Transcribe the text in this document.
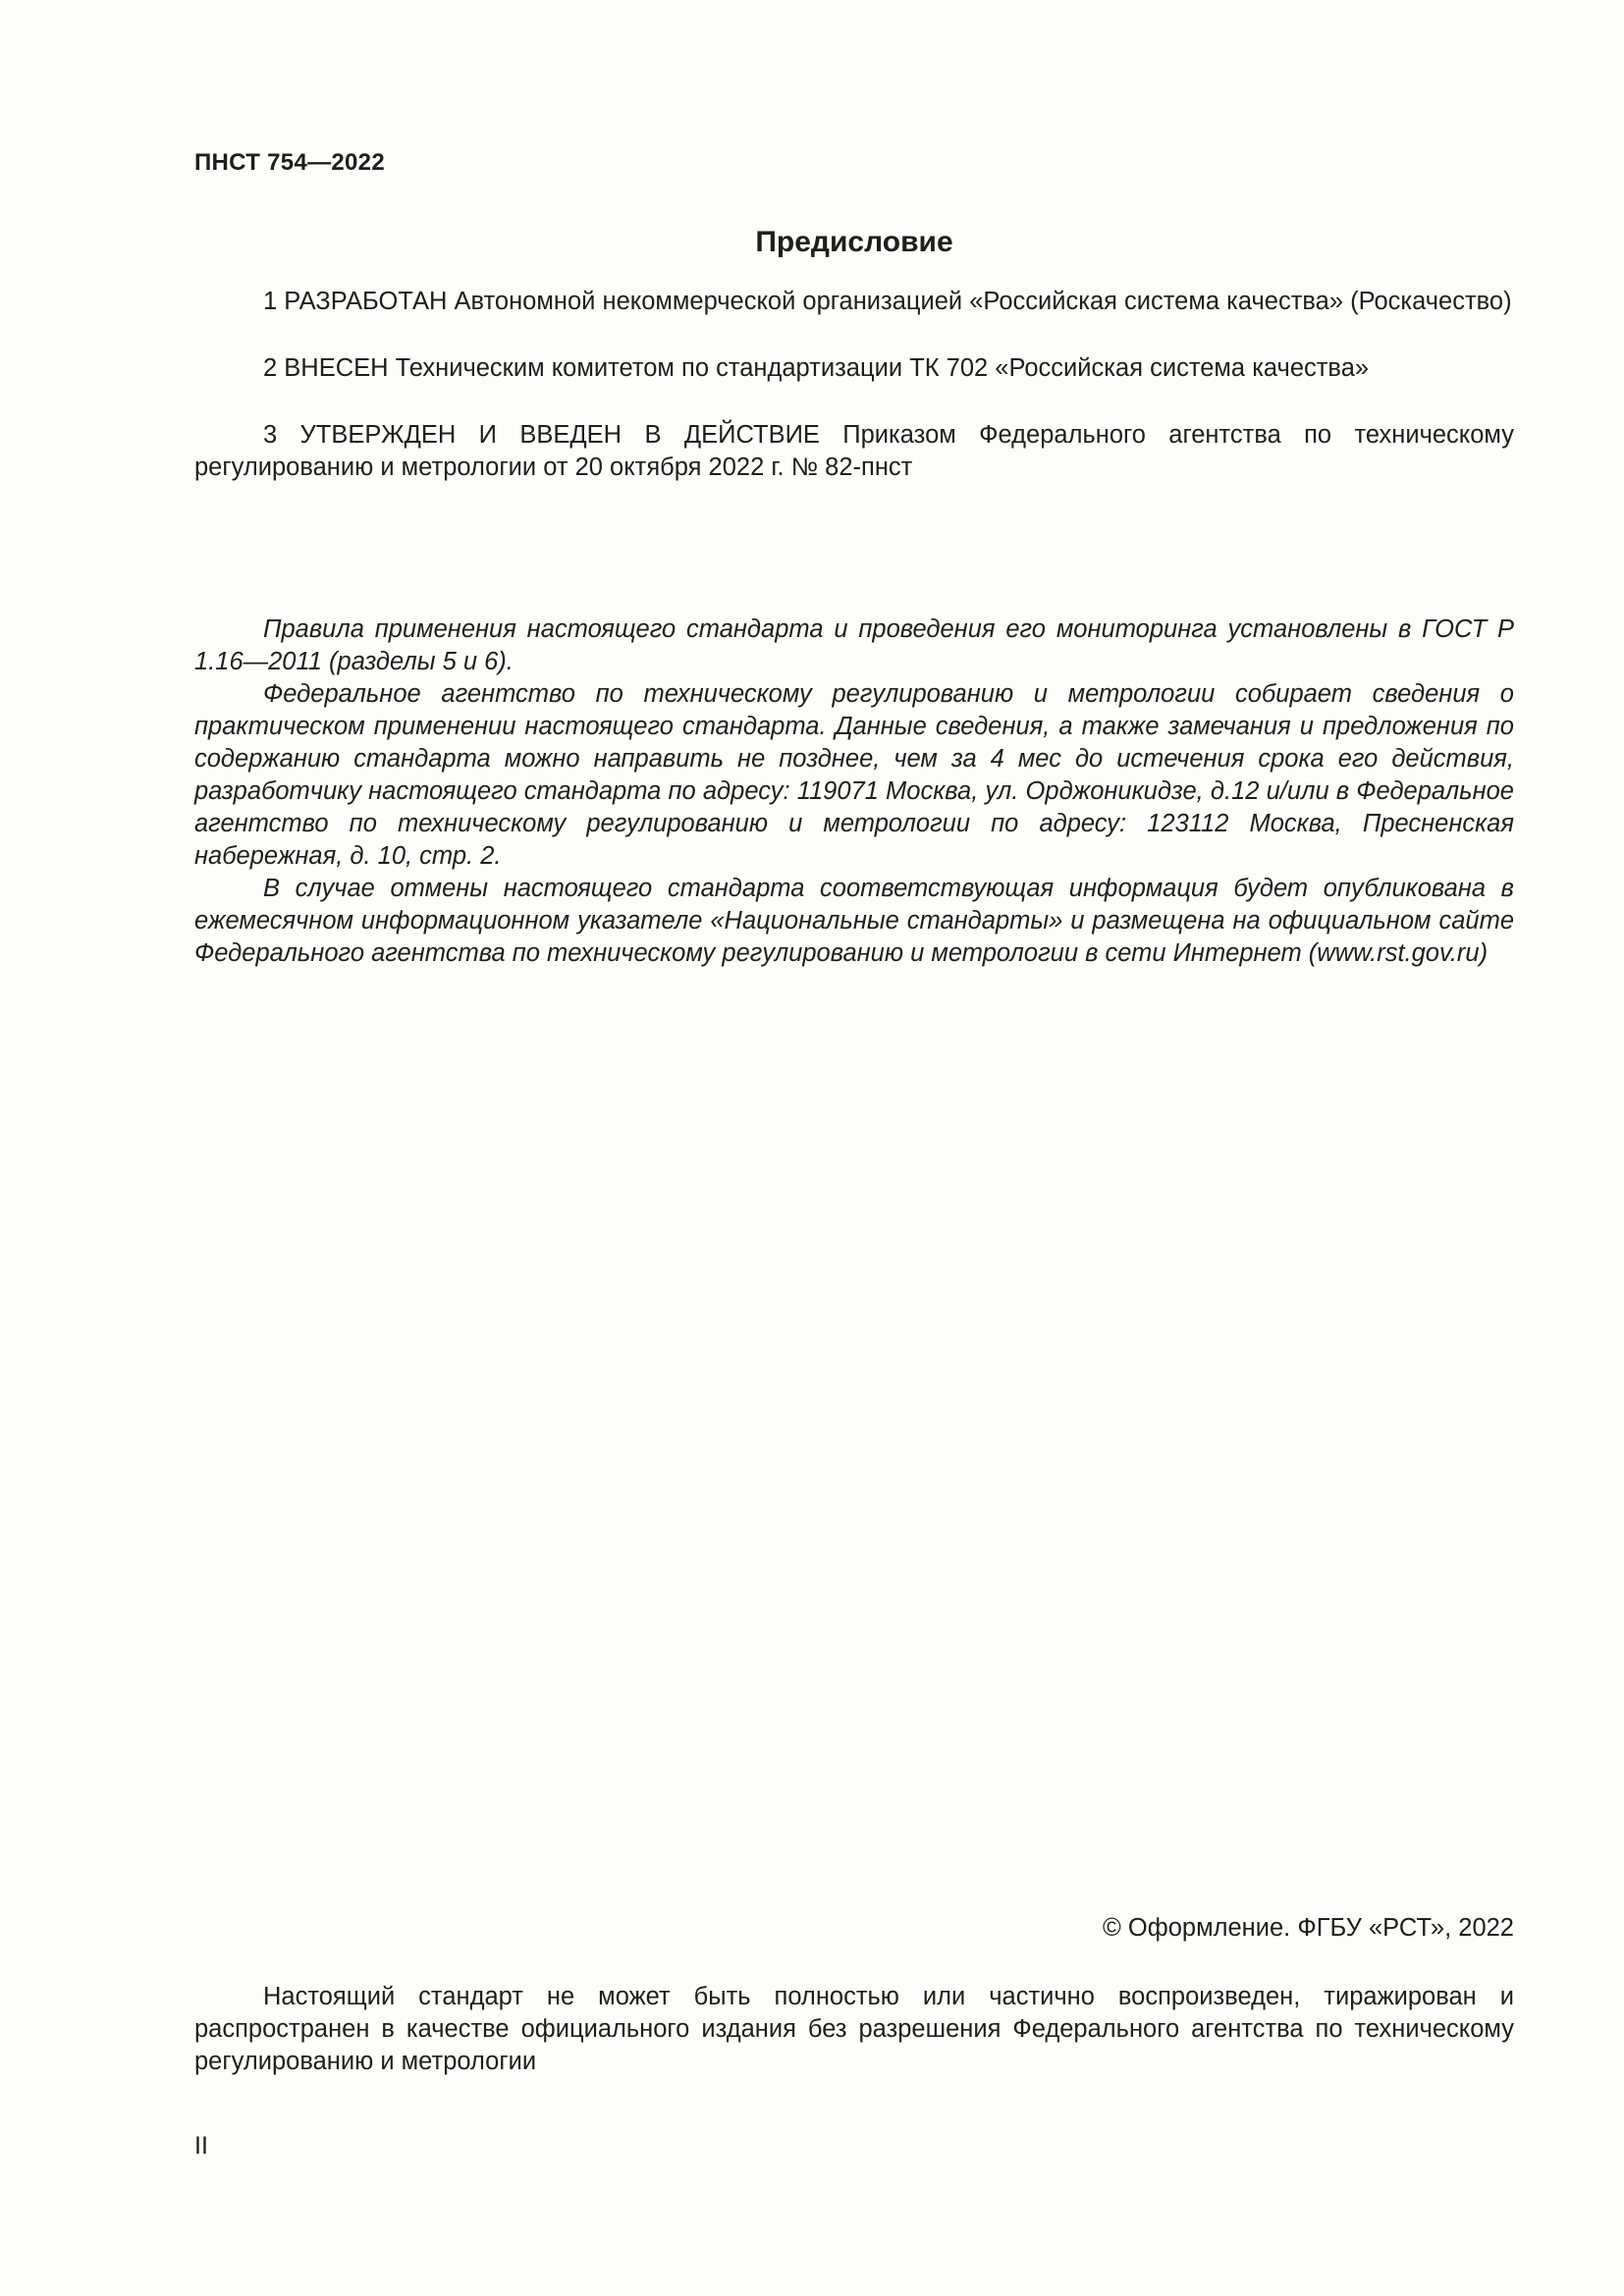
ПНСТ 754—2022
Предисловие

1 РАЗРАБОТАН Автономной некоммерческой организацией «Российская система качества» (Роскачество)

2 ВНЕСЕН Техническим комитетом по стандартизации ТК 702 «Российская система качества»

3 УТВЕРЖДЕН И ВВЕДЕН В ДЕЙСТВИЕ Приказом Федерального агентства по техническому регулированию и метрологии от 20 октября 2022 г. № 82-пнст

Правила применения настоящего стандарта и проведения его мониторинга установлены в ГОСТ Р 1.16—2011 (разделы 5 и 6).

Федеральное агентство по техническому регулированию и метрологии собирает сведения о практическом применении настоящего стандарта. Данные сведения, а также замечания и предложения по содержанию стандарта можно направить не позднее, чем за 4 мес до истечения срока его действия, разработчику настоящего стандарта по адресу: 119071 Москва, ул. Орджоникидзе, д.12 и/или в Федеральное агентство по техническому регулированию и метрологии по адресу: 123112 Москва, Пресненская набережная, д. 10, стр. 2.

В случае отмены настоящего стандарта соответствующая информация будет опубликована в ежемесячном информационном указателе «Национальные стандарты» и размещена на официальном сайте Федерального агентства по техническому регулированию и метрологии в сети Интернет (www.rst.gov.ru)

© Оформление. ФГБУ «РСТ», 2022

Настоящий стандарт не может быть полностью или частично воспроизведен, тиражирован и распространен в качестве официального издания без разрешения Федерального агентства по техническому регулированию и метрологии

II
